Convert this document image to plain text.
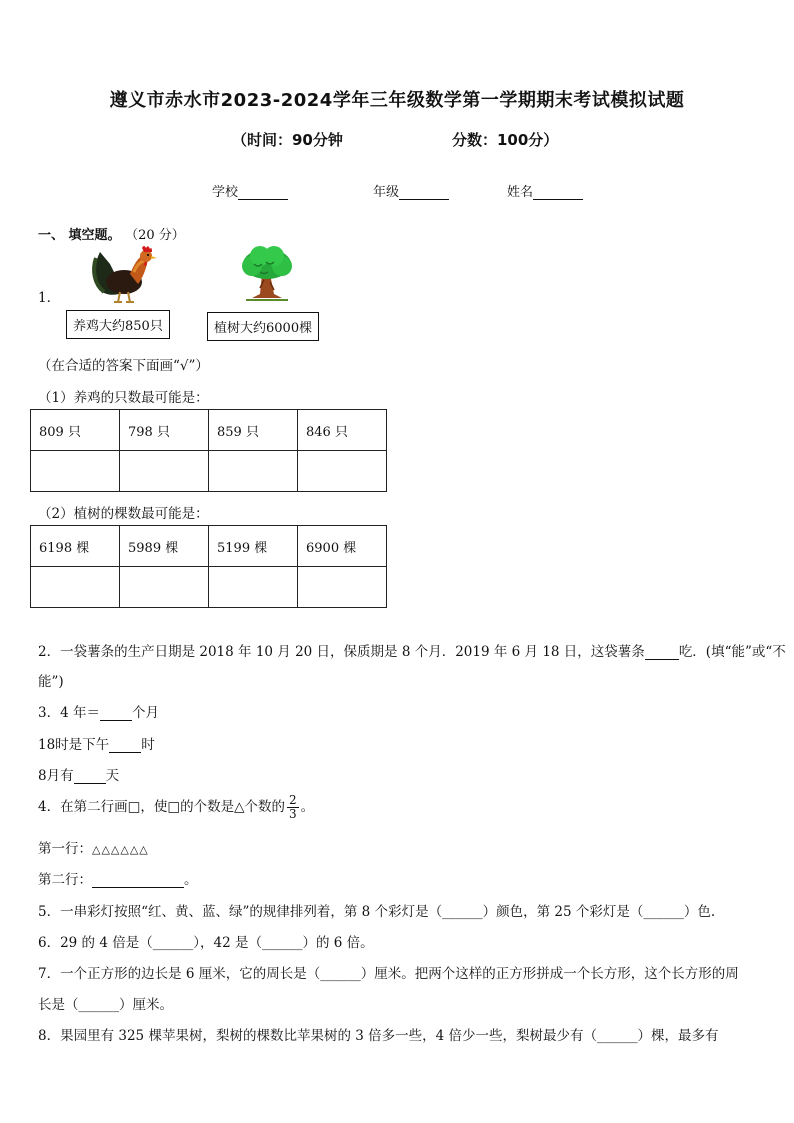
遵义市赤水市2023-2024学年三年级数学第一学期期末考试模拟试题
（时间：90分钟	分数：100分）
学校	年级	姓名
一、 填空题。 （20 分）
1．
养鸡大约850只	植树大约6000棵
（在合适的答案下面画“√”）
（1）养鸡的只数最可能是：
809 只	798 只	859 只	846 只

（2）植树的棵数最可能是：
6198 棵	5989 棵	5199 棵	6900 棵

2．一袋薯条的生产日期是 2018 年 10 月 20 日，保质期是 8 个月．2019 年 6 月 18 日，这袋薯条	吃．(填“能”或“不
能”)
3．4 年＝ 个月
18时是下午 时
8月有 天
4．在第二行画□，使□的个数是△个数的 $\frac{2}{3}$ 。
第一行：△△△△△△
第二行：	。
5．一串彩灯按照“红、黄、蓝、绿”的规律排列着，第 8 个彩灯是（______）颜色，第 25 个彩灯是（______）色.
6．29 的 4 倍是（______），42 是（______）的 6 倍。
7．一个正方形的边长是 6 厘米，它的周长是（______）厘米。把两个这样的正方形拼成一个长方形，这个长方形的周
长是（______）厘米。
8．果园里有 325 棵苹果树，梨树的棵数比苹果树的 3 倍多一些，4 倍少一些，梨树最少有（______）棵，最多有
